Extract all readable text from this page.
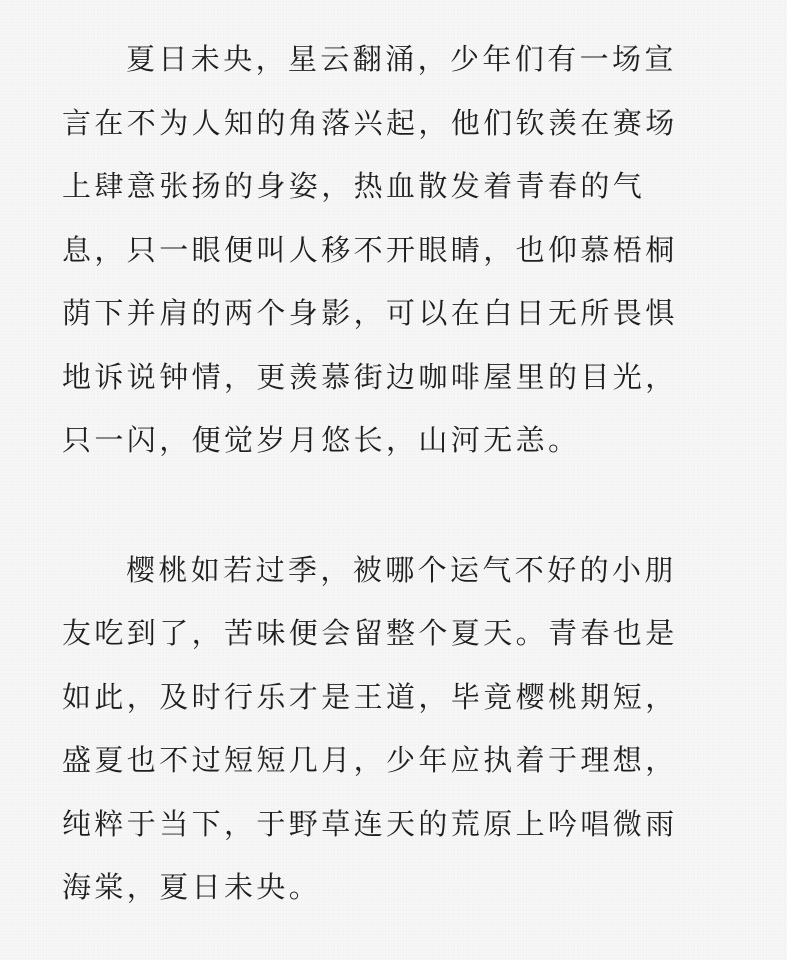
夏日未央，星云翻涌，少年们有一场宣
言在不为人知的角落兴起，他们钦羡在赛场
上肆意张扬的身姿，热血散发着青春的气
息，只一眼便叫人移不开眼睛，也仰慕梧桐
荫下并肩的两个身影，可以在白日无所畏惧
地诉说钟情，更羡慕街边咖啡屋里的目光，
只一闪，便觉岁月悠长，山河无恙。
樱桃如若过季，被哪个运气不好的小朋
友吃到了，苦味便会留整个夏天。青春也是
如此，及时行乐才是王道，毕竟樱桃期短，
盛夏也不过短短几月，少年应执着于理想，
纯粹于当下，于野草连天的荒原上吟唱微雨
海棠，夏日未央。
